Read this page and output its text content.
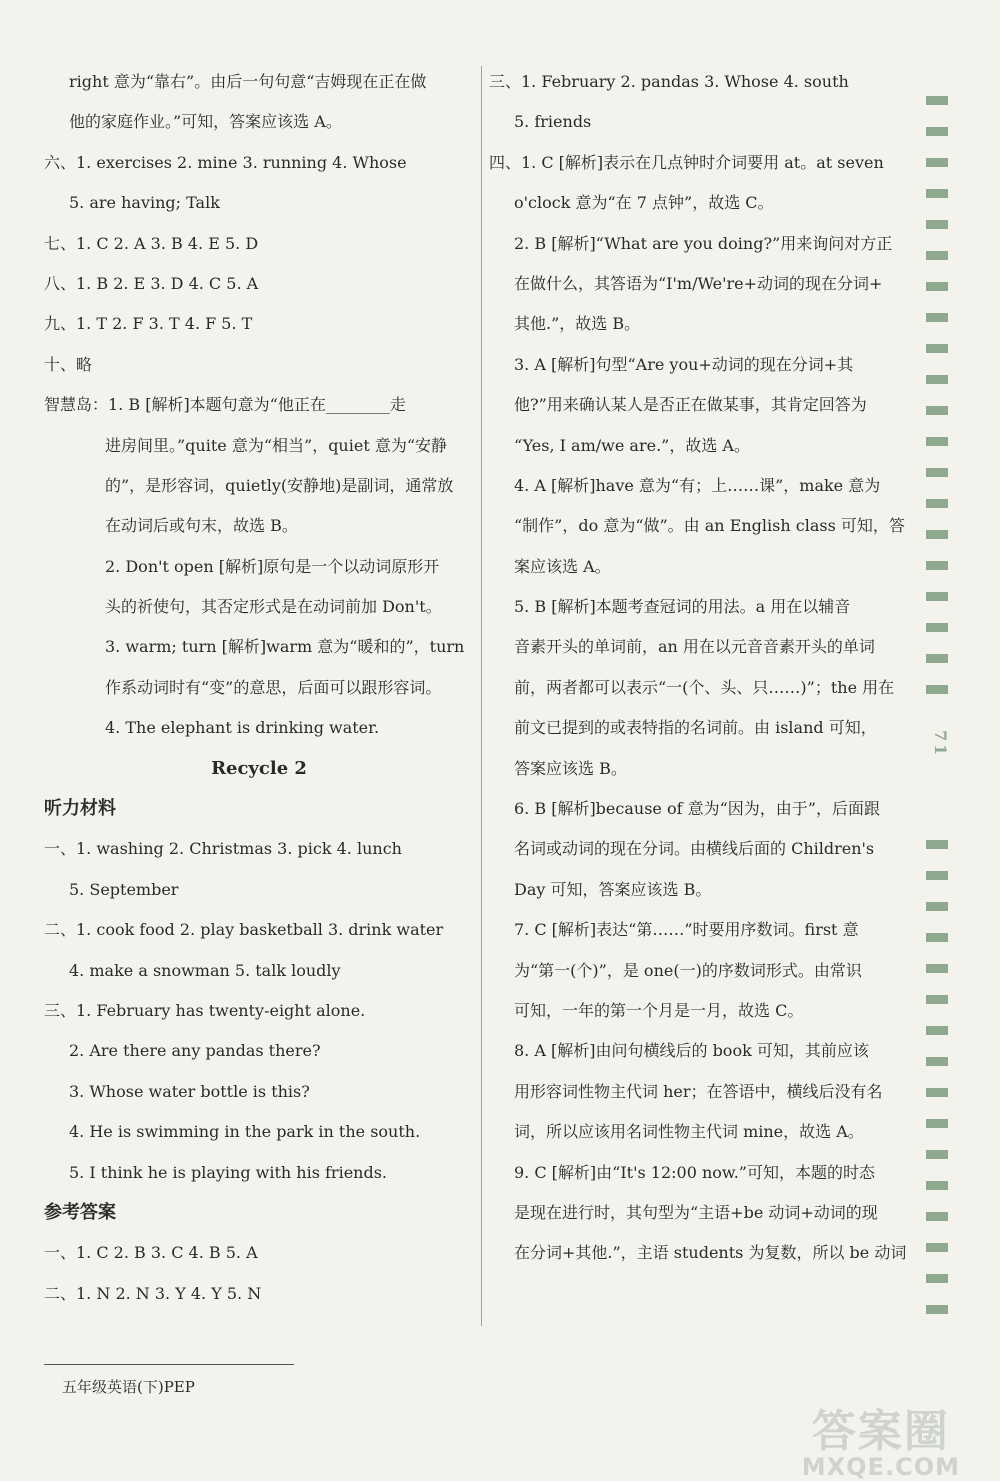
right 意为“靠右”。由后一句句意“吉姆现在正在做
他的家庭作业。”可知，答案应该选 A。
六、1. exercises 2. mine 3. running 4. Whose
5. are having; Talk
七、1. C 2. A 3. B 4. E 5. D
八、1. B 2. E 3. D 4. C 5. A
九、1. T 2. F 3. T 4. F 5. T
十、略
智慧岛：1. B [解析]本题句意为“他正在________走
进房间里。”quite 意为“相当”，quiet 意为“安静
的”，是形容词，quietly(安静地)是副词，通常放
在动词后或句末，故选 B。
2. Don't open [解析]原句是一个以动词原形开
头的祈使句，其否定形式是在动词前加 Don't。
3. warm; turn [解析]warm 意为“暖和的”，turn
作系动词时有“变”的意思，后面可以跟形容词。
4. The elephant is drinking water.
Recycle 2
听力材料
一、1. washing 2. Christmas 3. pick 4. lunch
5. September
二、1. cook food 2. play basketball 3. drink water
4. make a snowman 5. talk loudly
三、1. February has twenty-eight alone.
2. Are there any pandas there?
3. Whose water bottle is this?
4. He is swimming in the park in the south.
5. I think he is playing with his friends.
参考答案
一、1. C 2. B 3. C 4. B 5. A
二、1. N 2. N 3. Y 4. Y 5. N
三、1. February 2. pandas 3. Whose 4. south
5. friends
四、1. C [解析]表示在几点钟时介词要用 at。at seven
o'clock 意为“在 7 点钟”，故选 C。
2. B [解析]“What are you doing?”用来询问对方正
在做什么，其答语为“I'm/We're+动词的现在分词+
其他.”，故选 B。
3. A [解析]句型“Are you+动词的现在分词+其
他?”用来确认某人是否正在做某事，其肯定回答为
“Yes, I am/we are.”，故选 A。
4. A [解析]have 意为“有；上……课”，make 意为
“制作”，do 意为“做”。由 an English class 可知，答
案应该选 A。
5. B [解析]本题考查冠词的用法。a 用在以辅音
音素开头的单词前，an 用在以元音音素开头的单词
前，两者都可以表示“一(个、头、只……)”；the 用在
前文已提到的或表特指的名词前。由 island 可知，
答案应该选 B。
6. B [解析]because of 意为“因为，由于”，后面跟
名词或动词的现在分词。由横线后面的 Children's
Day 可知，答案应该选 B。
7. C [解析]表达“第……”时要用序数词。first 意
为“第一(个)”，是 one(一)的序数词形式。由常识
可知，一年的第一个月是一月，故选 C。
8. A [解析]由问句横线后的 book 可知，其前应该
用形容词性物主代词 her；在答语中，横线后没有名
词，所以应该用名词性物主代词 mine，故选 A。
9. C [解析]由“It's 12:00 now.”可知，本题的时态
是现在进行时，其句型为“主语+be 动词+动词的现
在分词+其他.”，主语 students 为复数，所以 be 动词
71
五年级英语(下)PEP
答案圈
MXQE.COM
